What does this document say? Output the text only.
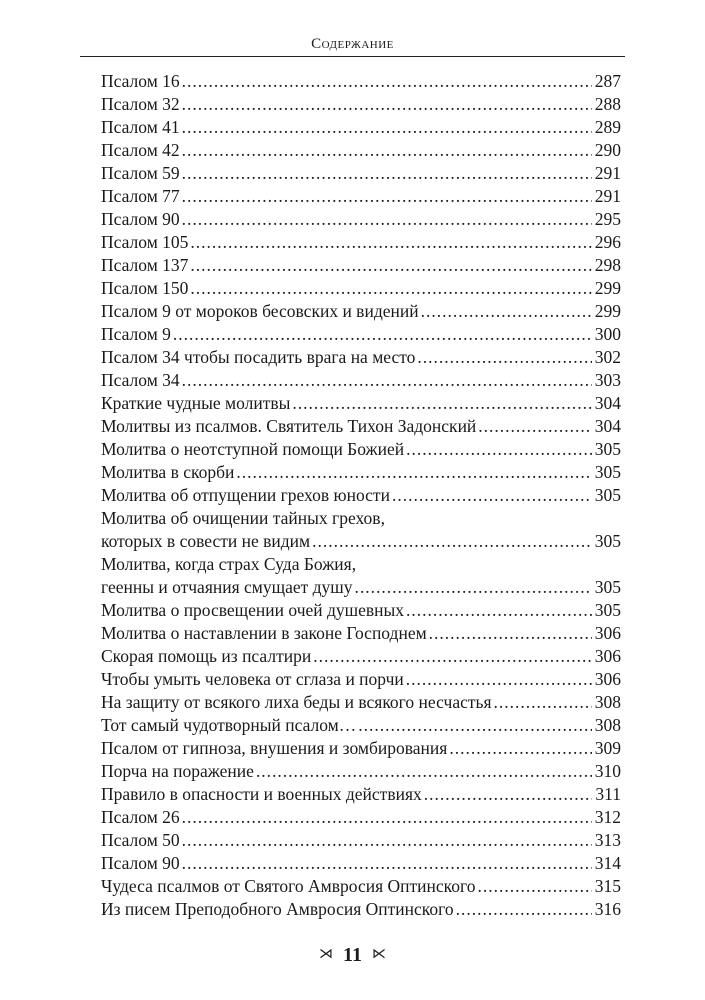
Содержание
Псалом 16 .....	287
Псалом 32 .....	288
Псалом 41 .....	289
Псалом 42 .....	290
Псалом 59 .....	291
Псалом 77 .....	291
Псалом 90 .....	295
Псалом 105 .....	296
Псалом 137 .....	298
Псалом 150 .....	299
Псалом 9 от мороков бесовских и видений .....	299
Псалом 9 .....	300
Псалом 34 чтобы посадить врага на место .....	302
Псалом 34 .....	303
Краткие чудные молитвы .....	304
Молитвы из псалмов. Святитель Тихон Задонский .....	304
Молитва о неотступной помощи Божией .....	305
Молитва в скорби .....	305
Молитва об отпущении грехов юности .....	305
Молитва об очищении тайных грехов,
которых в совести не видим .....	305
Молитва, когда страх Суда Божия,
геенны и отчаяния смущает душу .....	305
Молитва о просвещении очей душевных .....	305
Молитва о наставлении в законе Господнем .....	306
Скорая помощь из псалтири .....	306
Чтобы умыть человека от сглаза и порчи .....	306
На защиту от всякого лиха беды и всякого несчастья .....	308
Тот самый чудотворный псалом… .....	308
Псалом от гипноза, внушения и зомбирования .....	309
Порча на поражение .....	310
Правило в опасности и военных действиях .....	311
Псалом 26 .....	312
Псалом 50 .....	313
Псалом 90 .....	314
Чудеса псалмов от Святого Амвросия Оптинского .....	315
Из писем Преподобного Амвросия Оптинского .....	316
⋊ 11 ⋉
